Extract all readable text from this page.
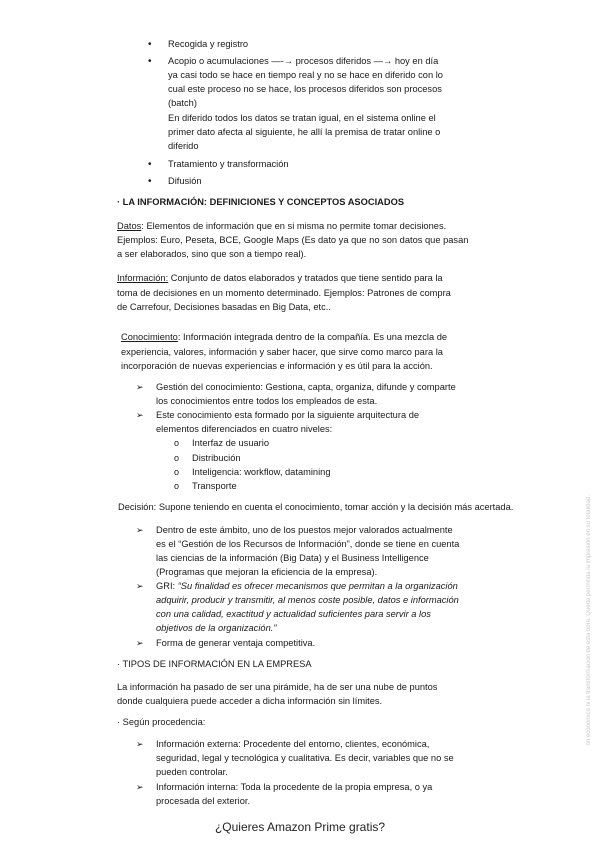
• Recogida y registro
• Acopio o acumulaciones —-→ procesos diferidos —→ hoy en día
ya casi todo se hace en tiempo real y no se hace en diferido con lo
cual este proceso no se hace, los procesos diferidos son procesos
(batch)
En diferido todos los datos se tratan igual, en el sistema online el
primer dato afecta al siguiente, he allí la premisa de tratar online o
diferido
• Tratamiento y transformación
• Difusión
· LA INFORMACIÓN: DEFINICIONES Y CONCEPTOS ASOCIADOS
Datos: Elementos de información que en si misma no permite tomar decisiones.
Ejemplos: Euro, Peseta, BCE, Google Maps (Es dato ya que no son datos que pasan
a ser elaborados, sino que son a tiempo real).
Información: Conjunto de datos elaborados y tratados que tiene sentido para la
toma de decisiones en un momento determinado. Ejemplos: Patrones de compra
de Carrefour, Decisiones basadas en Big Data, etc..
Conocimiento: Información integrada dentro de la compañía. Es una mezcla de
experiencia, valores, información y saber hacer, que sirve como marco para la
incorporación de nuevas experiencias e información y es útil para la acción.
➢ Gestión del conocimiento: Gestiona, capta, organiza, difunde y comparte
los conocimientos entre todos los empleados de esta.
➢ Este conocimiento esta formado por la siguiente arquitectura de
elementos diferenciados en cuatro niveles:
o Interfaz de usuario
o Distribución
o Inteligencia: workflow, datamining
o Transporte
Decisión: Supone teniendo en cuenta el conocimiento, tomar acción y la decisión más acertada.
➢ Dentro de este ámbito, uno de los puestos mejor valorados actualmente
es el “Gestión de los Recursos de Información”, donde se tiene en cuenta
las ciencias de la información (Big Data) y el Business Intelligence
(Programas que mejoran la eficiencia de la empresa).
➢ GRI: “Su finalidad es ofrecer mecanismos que permitan a la organización
adquirir, producir y transmitir, al menos coste posible, datos e información
con una calidad, exactitud y actualidad suficientes para servir a los
objetivos de la organización.”
➢ Forma de generar ventaja competitiva.
· TIPOS DE INFORMACIÓN EN LA EMPRESA
La información ha pasado de ser una pirámide, ha de ser una nube de puntos
donde cualquiera puede acceder a dicha información sin límites.
· Según procedencia:
➢ Información externa: Procedente del entorno, clientes, económica,
seguridad, legal y tecnológica y cualitativa. Es decir, variables que no se
pueden controlar.
➢ Información interna: Toda la procedente de la propia empresa, o ya
procesada del exterior.
¿Quieres Amazon Prime gratis?
ón económica ni la transformación de esta obra. Queda permitida la impresión en su totalidad.
